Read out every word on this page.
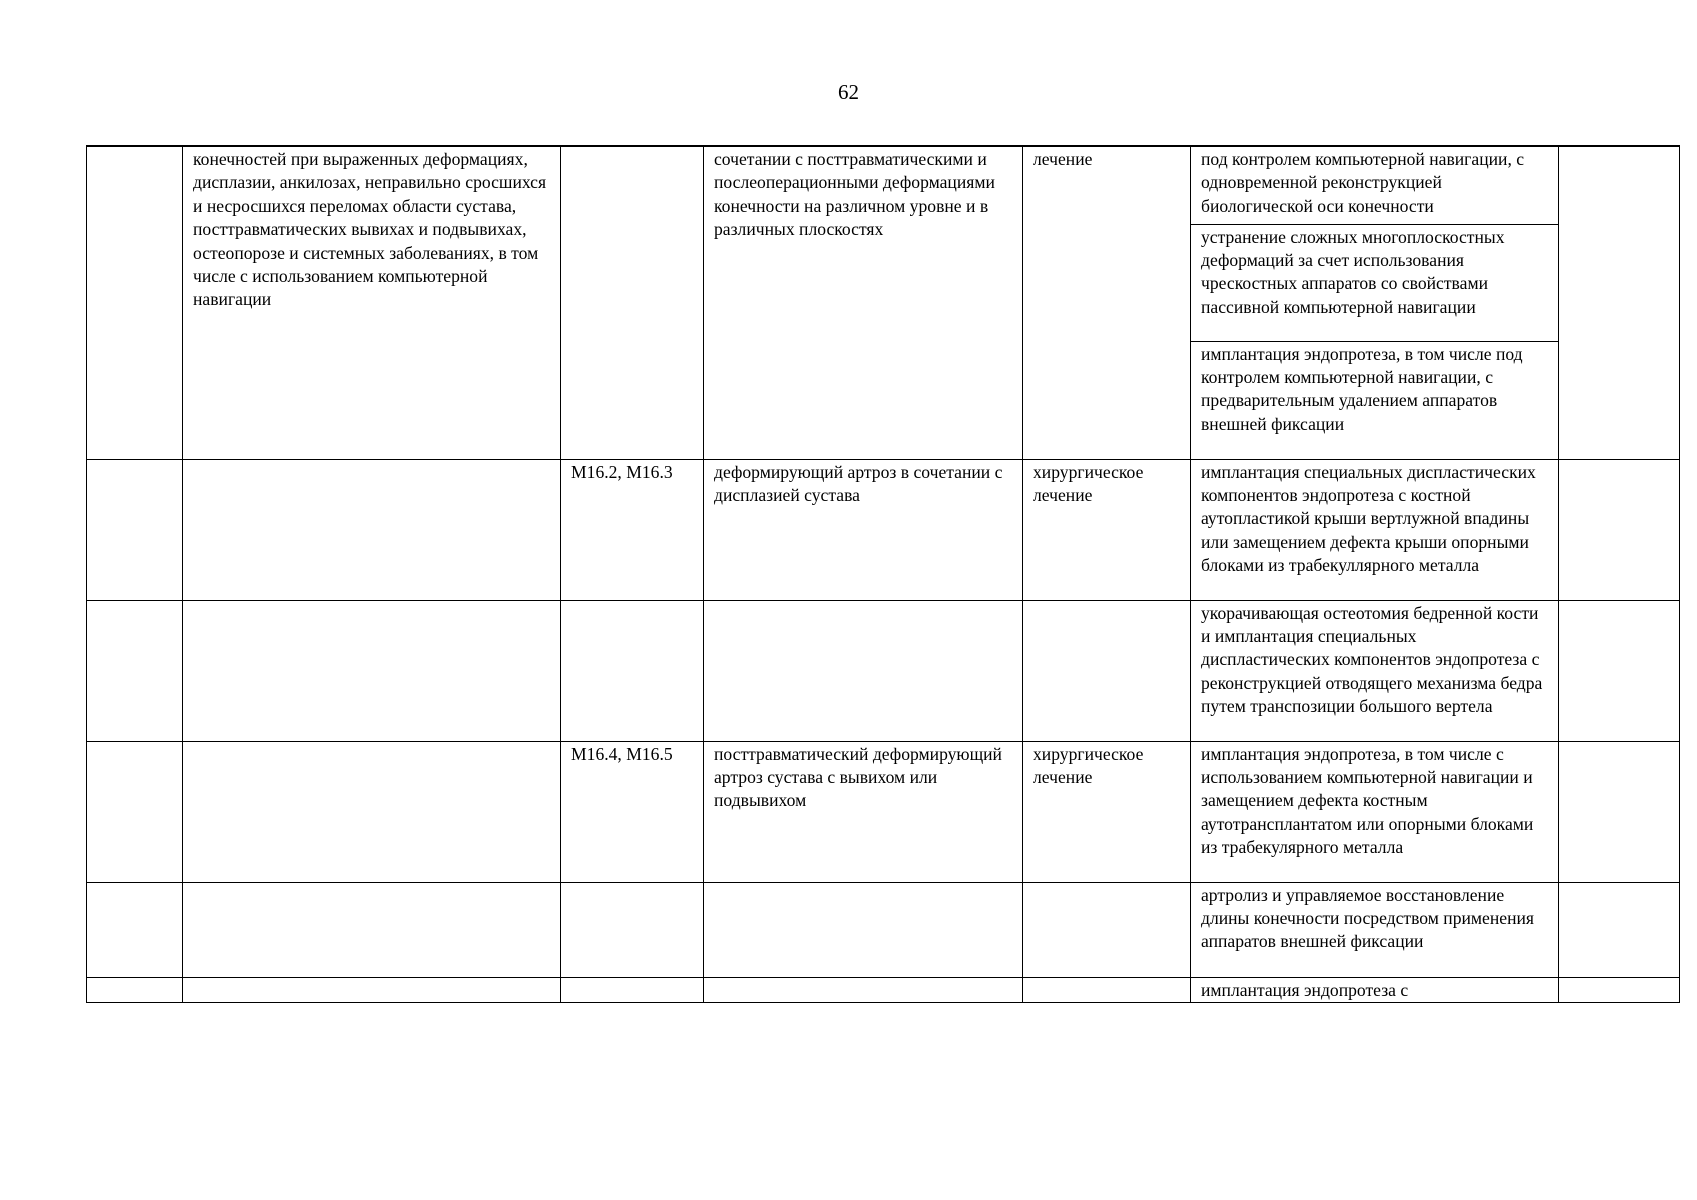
62

	конечностей при выраженных деформациях, дисплазии, анкилозах, неправильно сросшихся и несросшихся переломах области сустава, посттравматических вывихах и подвывихах, остеопорозе и системных заболеваниях, в том числе с использованием компьютерной навигации		сочетании с посттравматическими и послеоперационными деформациями конечности на различном уровне и в различных плоскостях	лечение	под контролем компьютерной навигации, с одновременной реконструкцией биологической оси конечности	

					устранение сложных многоплоскостных деформаций за счет использования чрескостных аппаратов со свойствами пассивной компьютерной навигации	

					имплантация эндопротеза, в том числе под контролем компьютерной навигации, с предварительным удалением аппаратов внешней фиксации	

		M16.2, M16.3	деформирующий артроз в сочетании с дисплазией сустава	хирургическое лечение	имплантация специальных диспластических компонентов эндопротеза с костной аутопластикой крыши вертлужной впадины или замещением дефекта крыши опорными блоками из трабекуллярного металла	

					укорачивающая остеотомия бедренной кости и имплантация специальных диспластических компонентов эндопротеза с реконструкцией отводящего механизма бедра путем транспозиции большого вертела	

		M16.4, M16.5	посттравматический деформирующий артроз сустава с вывихом или подвывихом	хирургическое лечение	имплантация эндопротеза, в том числе с использованием компьютерной навигации и замещением дефекта костным аутотрансплантатом или опорными блоками из трабекулярного металла	

					артролиз и управляемое восстановление длины конечности посредством применения аппаратов внешней фиксации	

					имплантация эндопротеза с	
